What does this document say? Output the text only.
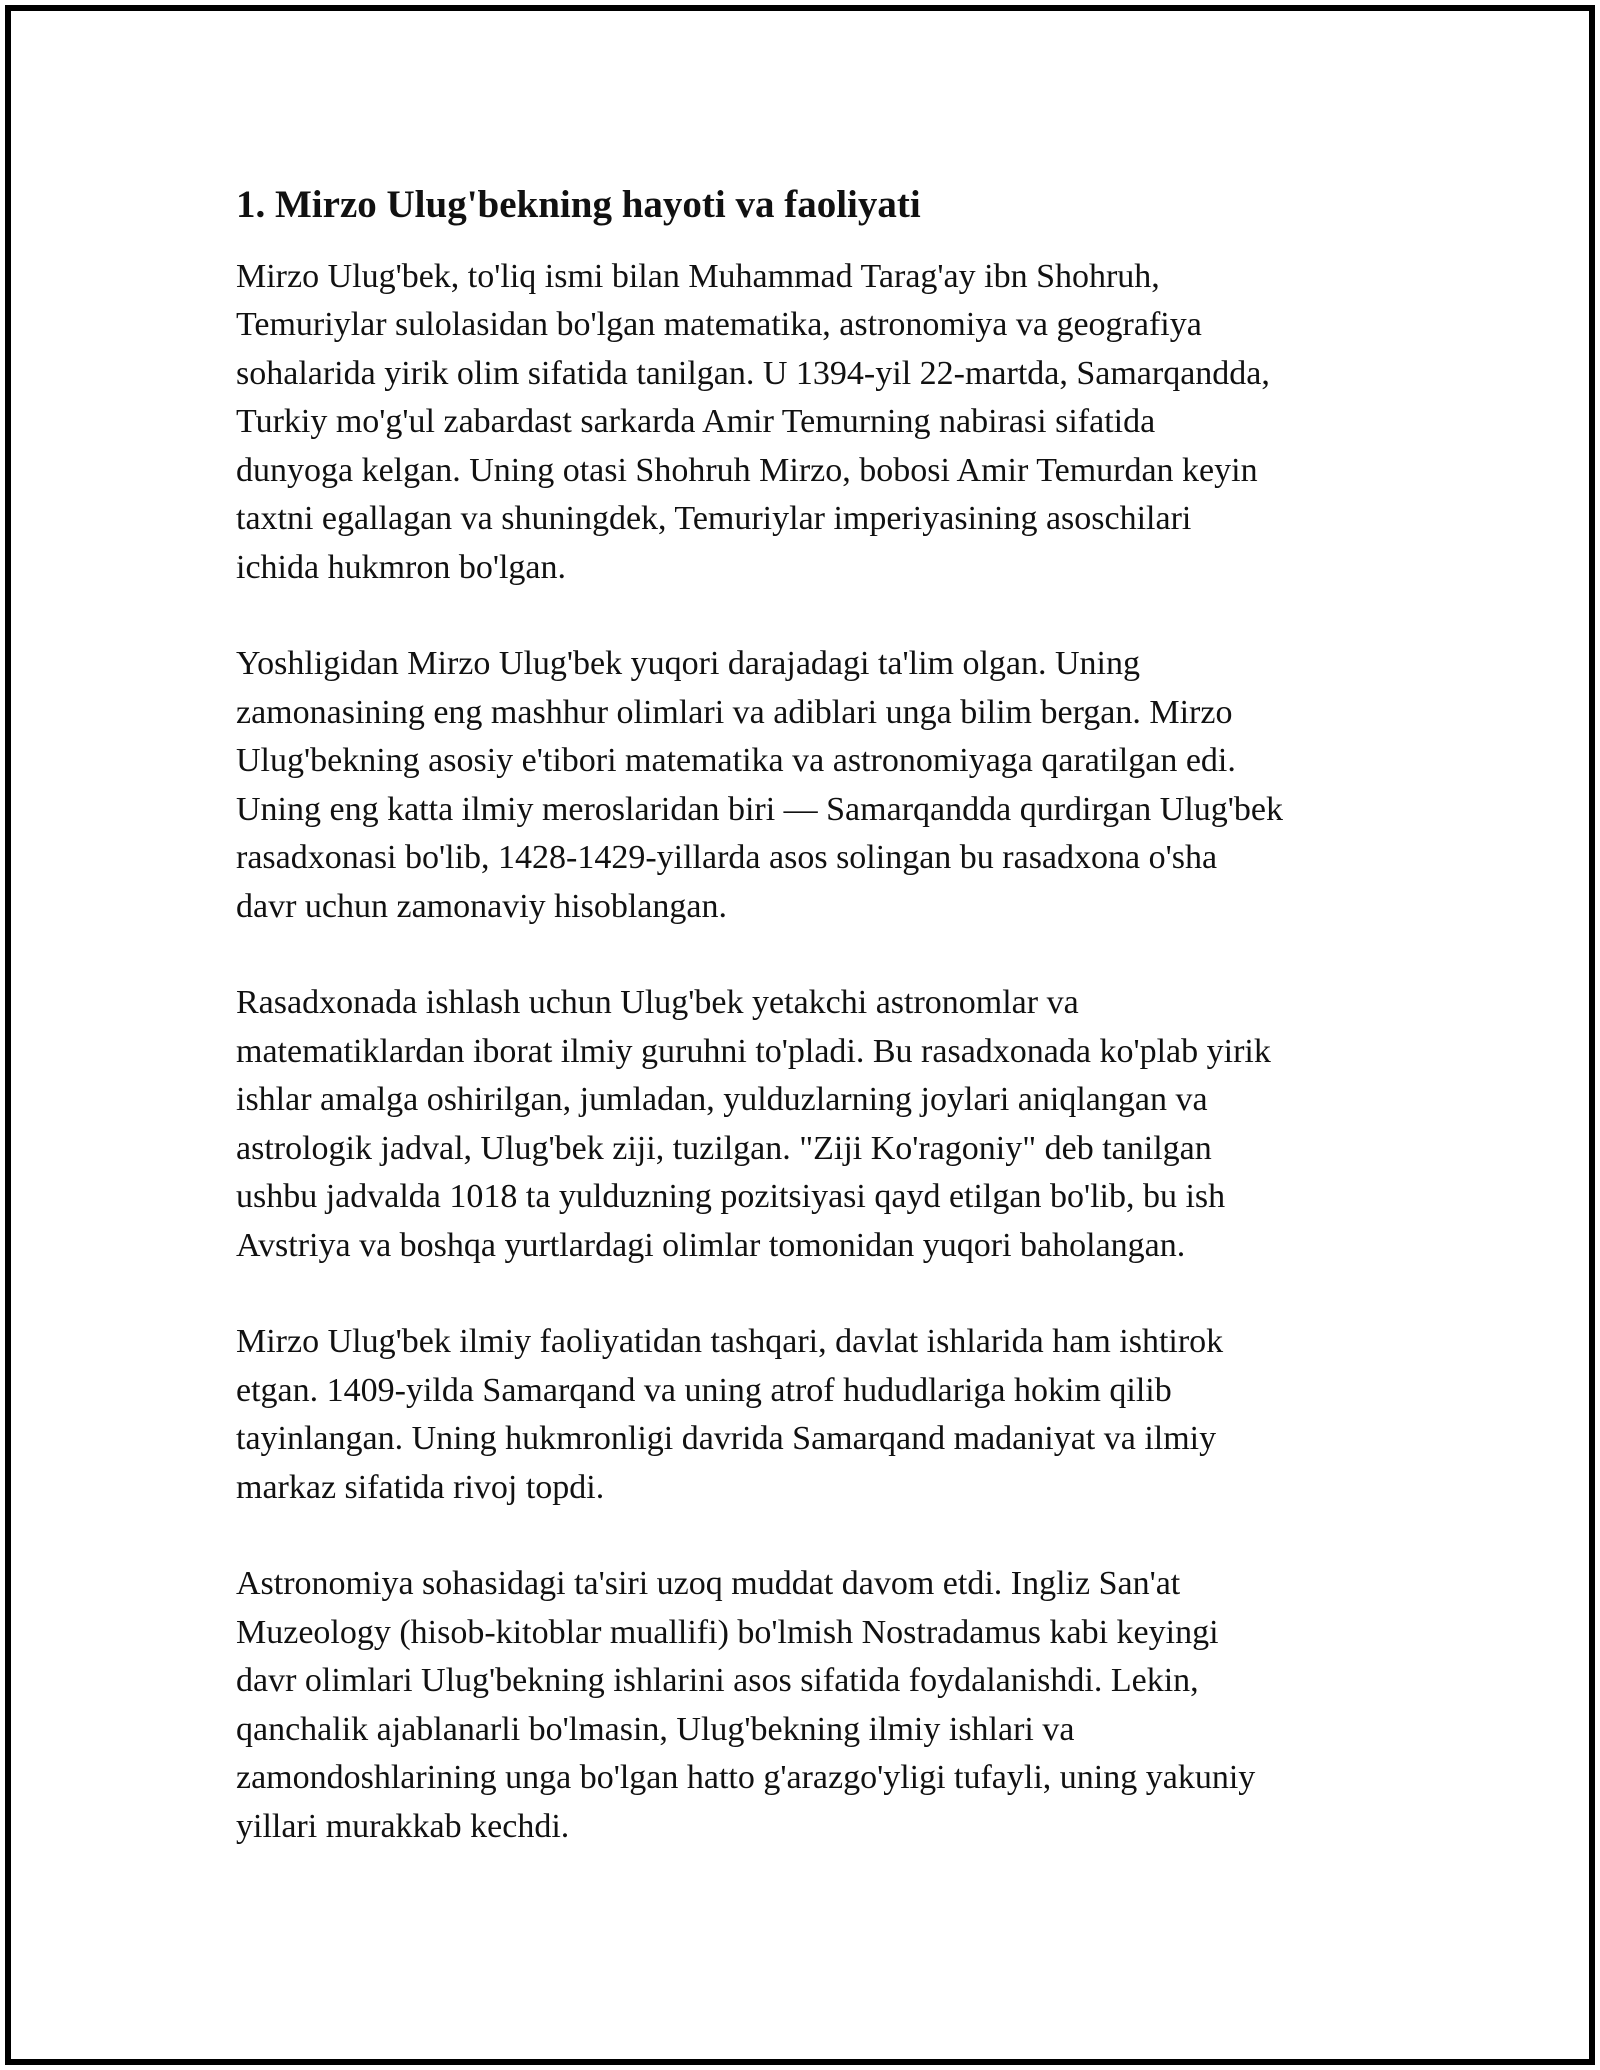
1. Mirzo Ulug'bekning hayoti va faoliyati

Mirzo Ulug'bek, to'liq ismi bilan Muhammad Tarag'ay ibn Shohruh,
Temuriylar sulolasidan bo'lgan matematika, astronomiya va geografiya
sohalarida yirik olim sifatida tanilgan. U 1394-yil 22-martda, Samarqandda,
Turkiy mo'g'ul zabardast sarkarda Amir Temurning nabirasi sifatida
dunyoga kelgan. Uning otasi Shohruh Mirzo, bobosi Amir Temurdan keyin
taxtni egallagan va shuningdek, Temuriylar imperiyasining asoschilari
ichida hukmron bo'lgan.

Yoshligidan Mirzo Ulug'bek yuqori darajadagi ta'lim olgan. Uning
zamonasining eng mashhur olimlari va adiblari unga bilim bergan. Mirzo
Ulug'bekning asosiy e'tibori matematika va astronomiyaga qaratilgan edi.
Uning eng katta ilmiy meroslaridan biri — Samarqandda qurdirgan Ulug'bek
rasadxonasi bo'lib, 1428-1429-yillarda asos solingan bu rasadxona o'sha
davr uchun zamonaviy hisoblangan.

Rasadxonada ishlash uchun Ulug'bek yetakchi astronomlar va
matematiklardan iborat ilmiy guruhni to'pladi. Bu rasadxonada ko'plab yirik
ishlar amalga oshirilgan, jumladan, yulduzlarning joylari aniqlangan va
astrologik jadval, Ulug'bek ziji, tuzilgan. "Ziji Ko'ragoniy" deb tanilgan
ushbu jadvalda 1018 ta yulduzning pozitsiyasi qayd etilgan bo'lib, bu ish
Avstriya va boshqa yurtlardagi olimlar tomonidan yuqori baholangan.

Mirzo Ulug'bek ilmiy faoliyatidan tashqari, davlat ishlarida ham ishtirok
etgan. 1409-yilda Samarqand va uning atrof hududlariga hokim qilib
tayinlangan. Uning hukmronligi davrida Samarqand madaniyat va ilmiy
markaz sifatida rivoj topdi.

Astronomiya sohasidagi ta'siri uzoq muddat davom etdi. Ingliz San'at
Muzeology (hisob-kitoblar muallifi) bo'lmish Nostradamus kabi keyingi
davr olimlari Ulug'bekning ishlarini asos sifatida foydalanishdi. Lekin,
qanchalik ajablanarli bo'lmasin, Ulug'bekning ilmiy ishlari va
zamondoshlarining unga bo'lgan hatto g'arazgo'yligi tufayli, uning yakuniy
yillari murakkab kechdi.
